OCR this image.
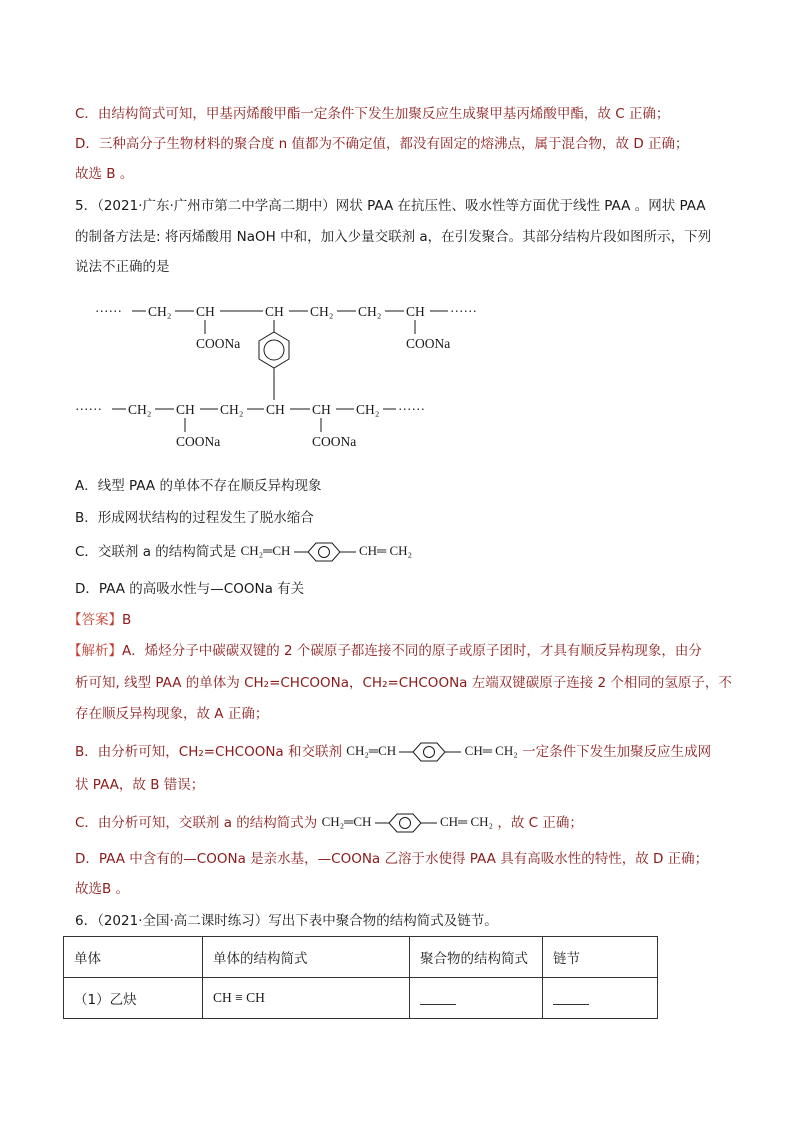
C．由结构简式可知，甲基丙烯酸甲酯一定条件下发生加聚反应生成聚甲基丙烯酸甲酯，故 C 正确；
D．三种高分子生物材料的聚合度 n 值都为不确定值，都没有固定的熔沸点，属于混合物，故 D 正确；
故选 B 。
5．（2021·广东·广州市第二中学高二期中）网状 PAA 在抗压性、吸水性等方面优于线性 PAA 。网状 PAA
的制备方法是: 将丙烯酸用 NaOH 中和，加入少量交联剂 a，在引发聚合。其部分结构片段如图所示，下列
说法不正确的是
······ CH₂ CH	CH CH₂ CH₂ CH ······
COONa	COONa
······ CH₂ CH CH₂ CH CH CH₂ ······
COONa	COONa
A．线型 PAA 的单体不存在顺反异构现象
B．形成网状结构的过程发生了脱水缩合
C．交联剂 a 的结构简式是 CH₂═CH	CH═ CH₂
D．PAA 的高吸水性与—COONa 有关
【答案】B
【解析】A．烯烃分子中碳碳双键的 2 个碳原子都连接不同的原子或原子团时，才具有顺反异构现象，由分
析可知, 线型 PAA 的单体为 CH₂=CHCOONa，CH₂=CHCOONa 左端双键碳原子连接 2 个相同的氢原子，不
存在顺反异构现象，故 A 正确；
B．由分析可知，CH₂=CHCOONa 和交联剂 CH₂═CH	CH═ CH₂ 一定条件下发生加聚反应生成网
状 PAA，故 B 错误；
C．由分析可知，交联剂 a 的结构简式为 CH₂═CH	CH═ CH₂ ，故 C 正确；
D．PAA 中含有的—COONa 是亲水基，—COONa 乙溶于水使得 PAA 具有高吸水性的特性，故 D 正确；
故选B 。
6．（2021·全国·高二课时练习）写出下表中聚合物的结构简式及链节。
单体	单体的结构简式	聚合物的结构简式	链节
（1）乙炔	CH ≡ CH		
